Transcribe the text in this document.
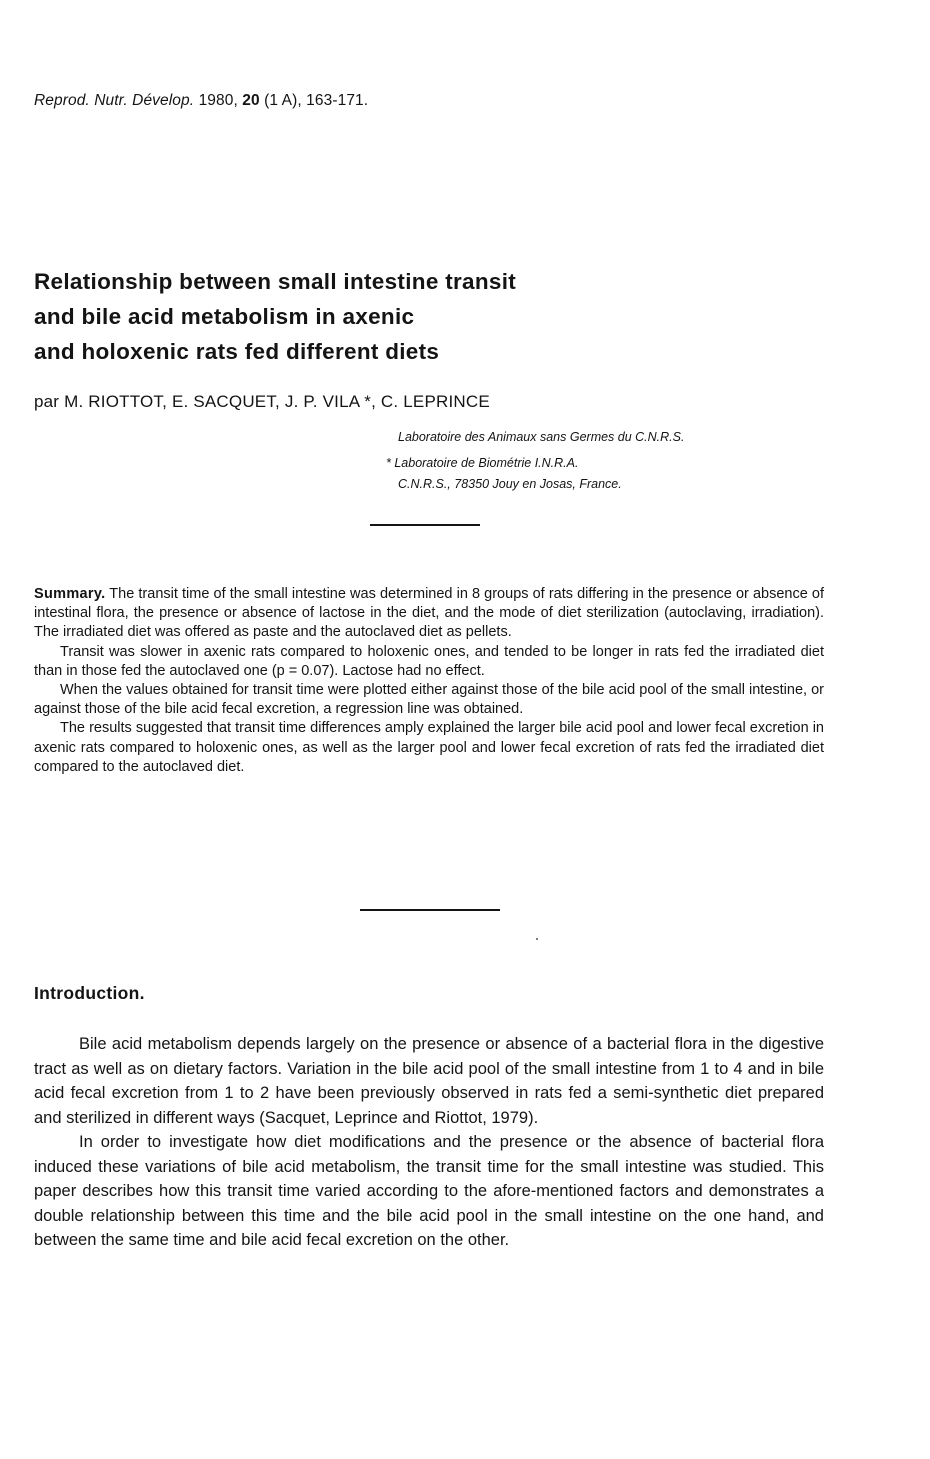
Reprod. Nutr. Dévelop. 1980, 20 (1 A), 163-171.
Relationship between small intestine transit
and bile acid metabolism in axenic
and holoxenic rats fed different diets
par M. RIOTTOT, E. SACQUET, J. P. VILA *, C. LEPRINCE
Laboratoire des Animaux sans Germes du C.N.R.S.
* Laboratoire de Biométrie I.N.R.A.
C.N.R.S., 78350 Jouy en Josas, France.

Summary. The transit time of the small intestine was determined in 8 groups of rats differing in the presence or absence of intestinal flora, the presence or absence of lactose in the diet, and the mode of diet sterilization (autoclaving, irradiation). The irradiated diet was offered as paste and the autoclaved diet as pellets.

Transit was slower in axenic rats compared to holoxenic ones, and tended to be longer in rats fed the irradiated diet than in those fed the autoclaved one (p = 0.07). Lactose had no effect.

When the values obtained for transit time were plotted either against those of the bile acid pool of the small intestine, or against those of the bile acid fecal excretion, a regression line was obtained.

The results suggested that transit time differences amply explained the larger bile acid pool and lower fecal excretion in axenic rats compared to holoxenic ones, as well as the larger pool and lower fecal excretion of rats fed the irradiated diet compared to the autoclaved diet.

Introduction.

Bile acid metabolism depends largely on the presence or absence of a bacterial flora in the digestive tract as well as on dietary factors. Variation in the bile acid pool of the small intestine from 1 to 4 and in bile acid fecal excretion from 1 to 2 have been previously observed in rats fed a semi-synthetic diet prepared and sterilized in different ways (Sacquet, Leprince and Riottot, 1979).

In order to investigate how diet modifications and the presence or the absence of bacterial flora induced these variations of bile acid metabolism, the transit time for the small intestine was studied. This paper describes how this transit time varied according to the afore-mentioned factors and demonstrates a double relationship between this time and the bile acid pool in the small intestine on the one hand, and between the same time and bile acid fecal excretion on the other.
